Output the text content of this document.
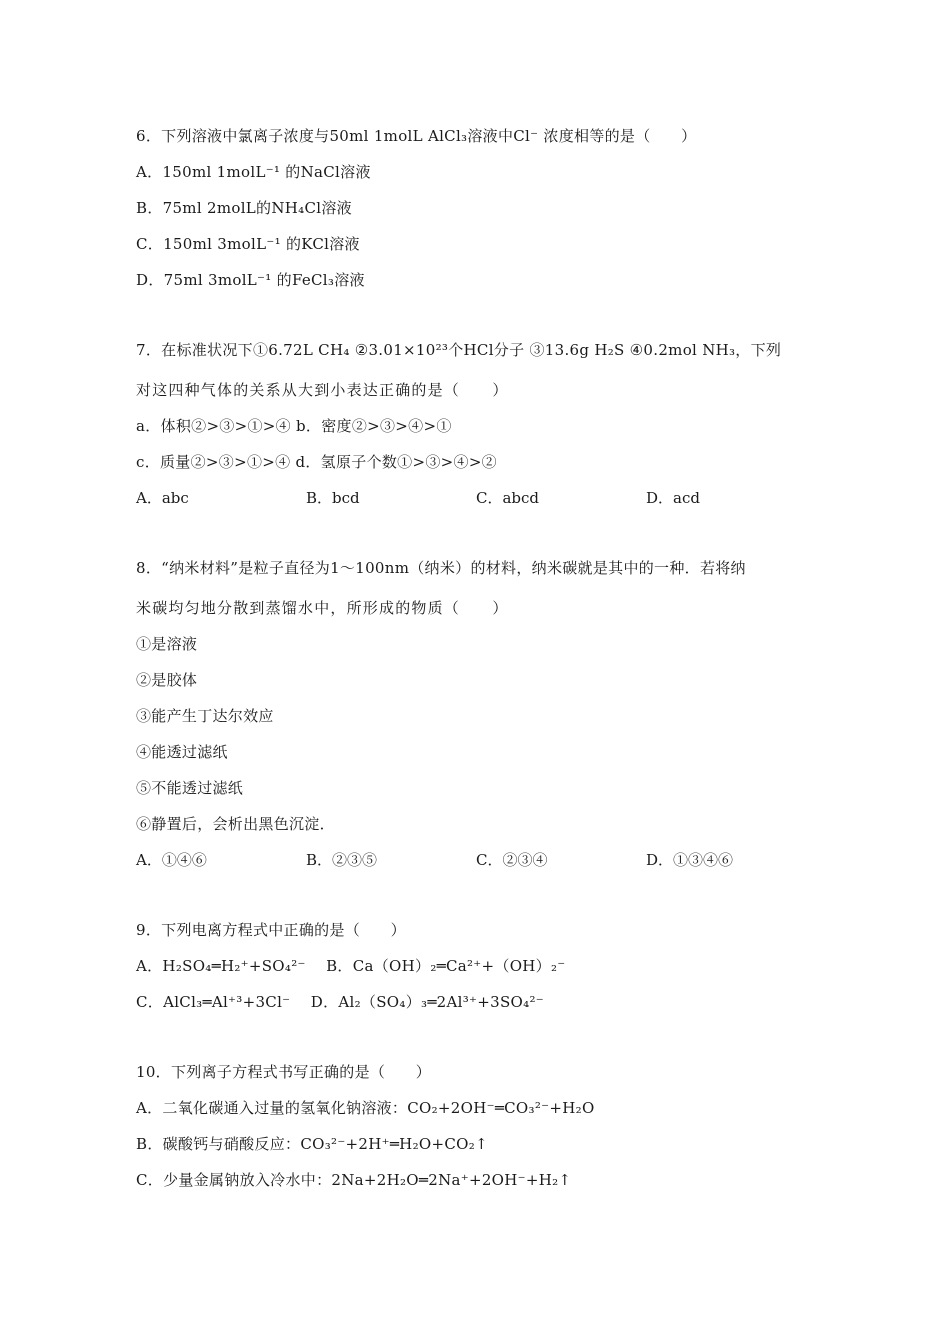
6．下列溶液中氯离子浓度与50ml 1molL AlCl₃溶液中Cl⁻ 浓度相等的是（　　）
A．150ml 1molL⁻¹ 的NaCl溶液
B．75ml 2molL的NH₄Cl溶液
C．150ml 3molL⁻¹ 的KCl溶液
D．75ml 3molL⁻¹ 的FeCl₃溶液
7．在标准状况下①6.72L CH₄ ②3.01×10²³个HCl分子 ③13.6g H₂S ④0.2mol NH₃，下列
对这四种气体的关系从大到小表达正确的是（　　）
a．体积②>③>①>④ b．密度②>③>④>①
c．质量②>③>①>④ d．氢原子个数①>③>④>②
A．abc	B．bcd	C．abcd	D．acd
8．“纳米材料”是粒子直径为1～100nm（纳米）的材料，纳米碳就是其中的一种．若将纳
米碳均匀地分散到蒸馏水中，所形成的物质（　　）
①是溶液
②是胶体
③能产生丁达尔效应
④能透过滤纸
⑤不能透过滤纸
⑥静置后，会析出黑色沉淀．
A．①④⑥	B．②③⑤	C．②③④	D．①③④⑥
9．下列电离方程式中正确的是（　　）
A．H₂SO₄═H₂⁺+SO₄²⁻　 B．Ca（OH）₂═Ca²⁺+（OH）₂⁻
C．AlCl₃═Al⁺³+3Cl⁻　 D．Al₂（SO₄）₃═2Al³⁺+3SO₄²⁻
10．下列离子方程式书写正确的是（　　）
A．二氧化碳通入过量的氢氧化钠溶液：CO₂+2OH⁻═CO₃²⁻+H₂O
B．碳酸钙与硝酸反应：CO₃²⁻+2H⁺═H₂O+CO₂↑
C．少量金属钠放入冷水中：2Na+2H₂O═2Na⁺+2OH⁻+H₂↑
